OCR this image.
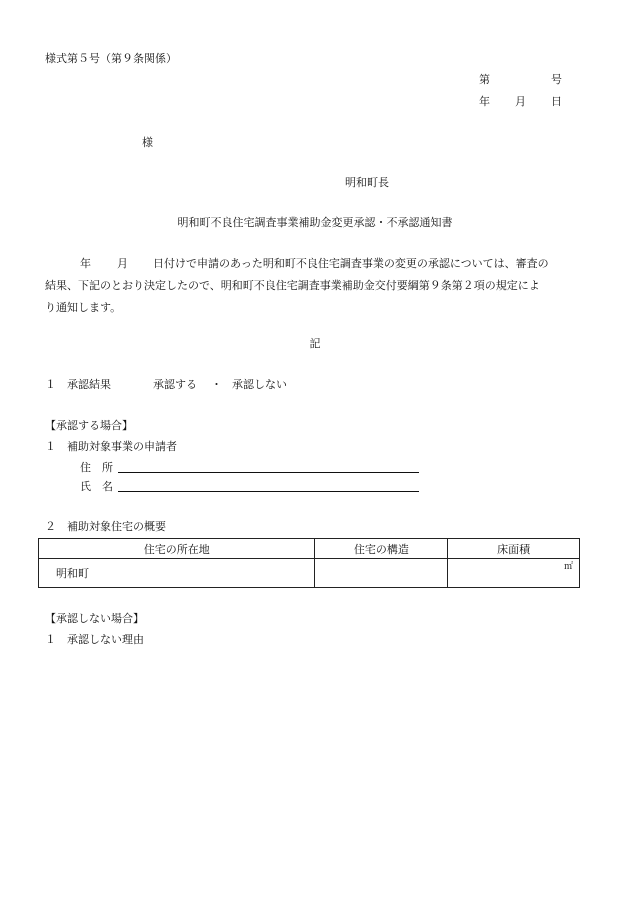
様式第５号（第９条関係）
第	号
年 月 日
様
明和町長
明和町不良住宅調査事業補助金変更承認・不承認通知書
年 月 日付けで申請のあった明和町不良住宅調査事業の変更の承認については、審査の
結果、下記のとおり決定したので、明和町不良住宅調査事業補助金交付要綱第９条第２項の規定によ
り通知します。
記
１　承認結果	承認する ・ 承認しない
【承認する場合】
１　補助対象事業の申請者
住　所
氏　名
２　補助対象住宅の概要
住宅の所在地	住宅の構造	床面積
明和町		㎡
【承認しない場合】
１　承認しない理由
